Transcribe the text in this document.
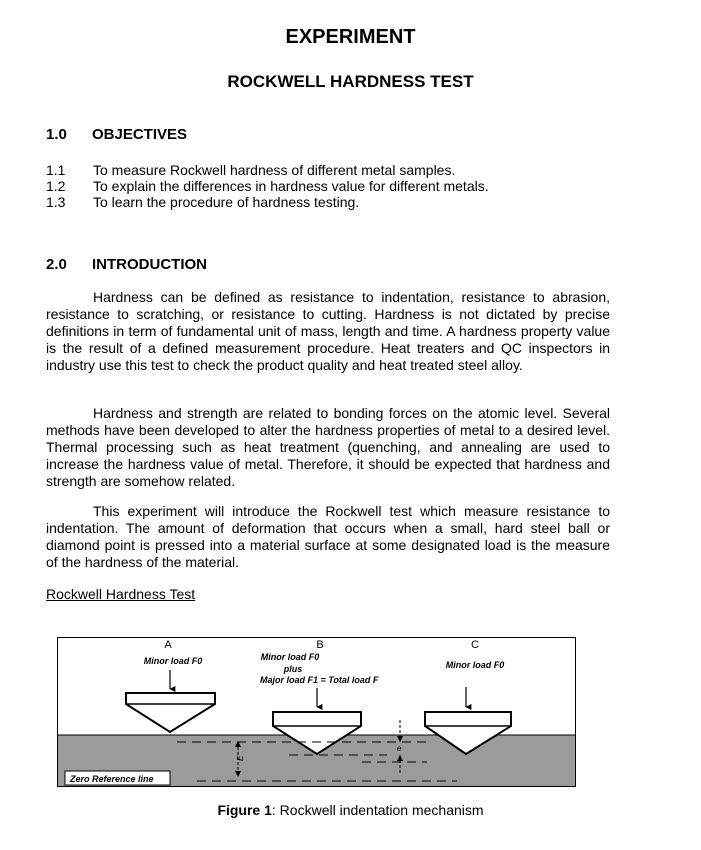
EXPERIMENT
ROCKWELL HARDNESS TEST
1.0 OBJECTIVES
1.1 To measure Rockwell hardness of different metal samples.
1.2 To explain the differences in hardness value for different metals.
1.3 To learn the procedure of hardness testing.
2.0 INTRODUCTION

Hardness can be defined as resistance to indentation, resistance to abrasion, resistance to scratching, or resistance to cutting. Hardness is not dictated by precise definitions in term of fundamental unit of mass, length and time. A hardness property value is the result of a defined measurement procedure. Heat treaters and QC inspectors in industry use this test to check the product quality and heat treated steel alloy.

Hardness and strength are related to bonding forces on the atomic level. Several methods have been developed to alter the hardness properties of metal to a desired level. Thermal processing such as heat treatment (quenching, and annealing are used to increase the hardness value of metal. Therefore, it should be expected that hardness and strength are somehow related.

This experiment will introduce the Rockwell test which measure resistance to indentation. The amount of deformation that occurs when a small, hard steel ball or diamond point is pressed into a material surface at some designated load is the measure of the hardness of the material.

Rockwell Hardness Test
A
Minor load F0
B
Minor load F0
plus
Major load F1 = Total load F
C
Minor load F0
E
e
Zero Reference line
Figure 1: Rockwell indentation mechanism
